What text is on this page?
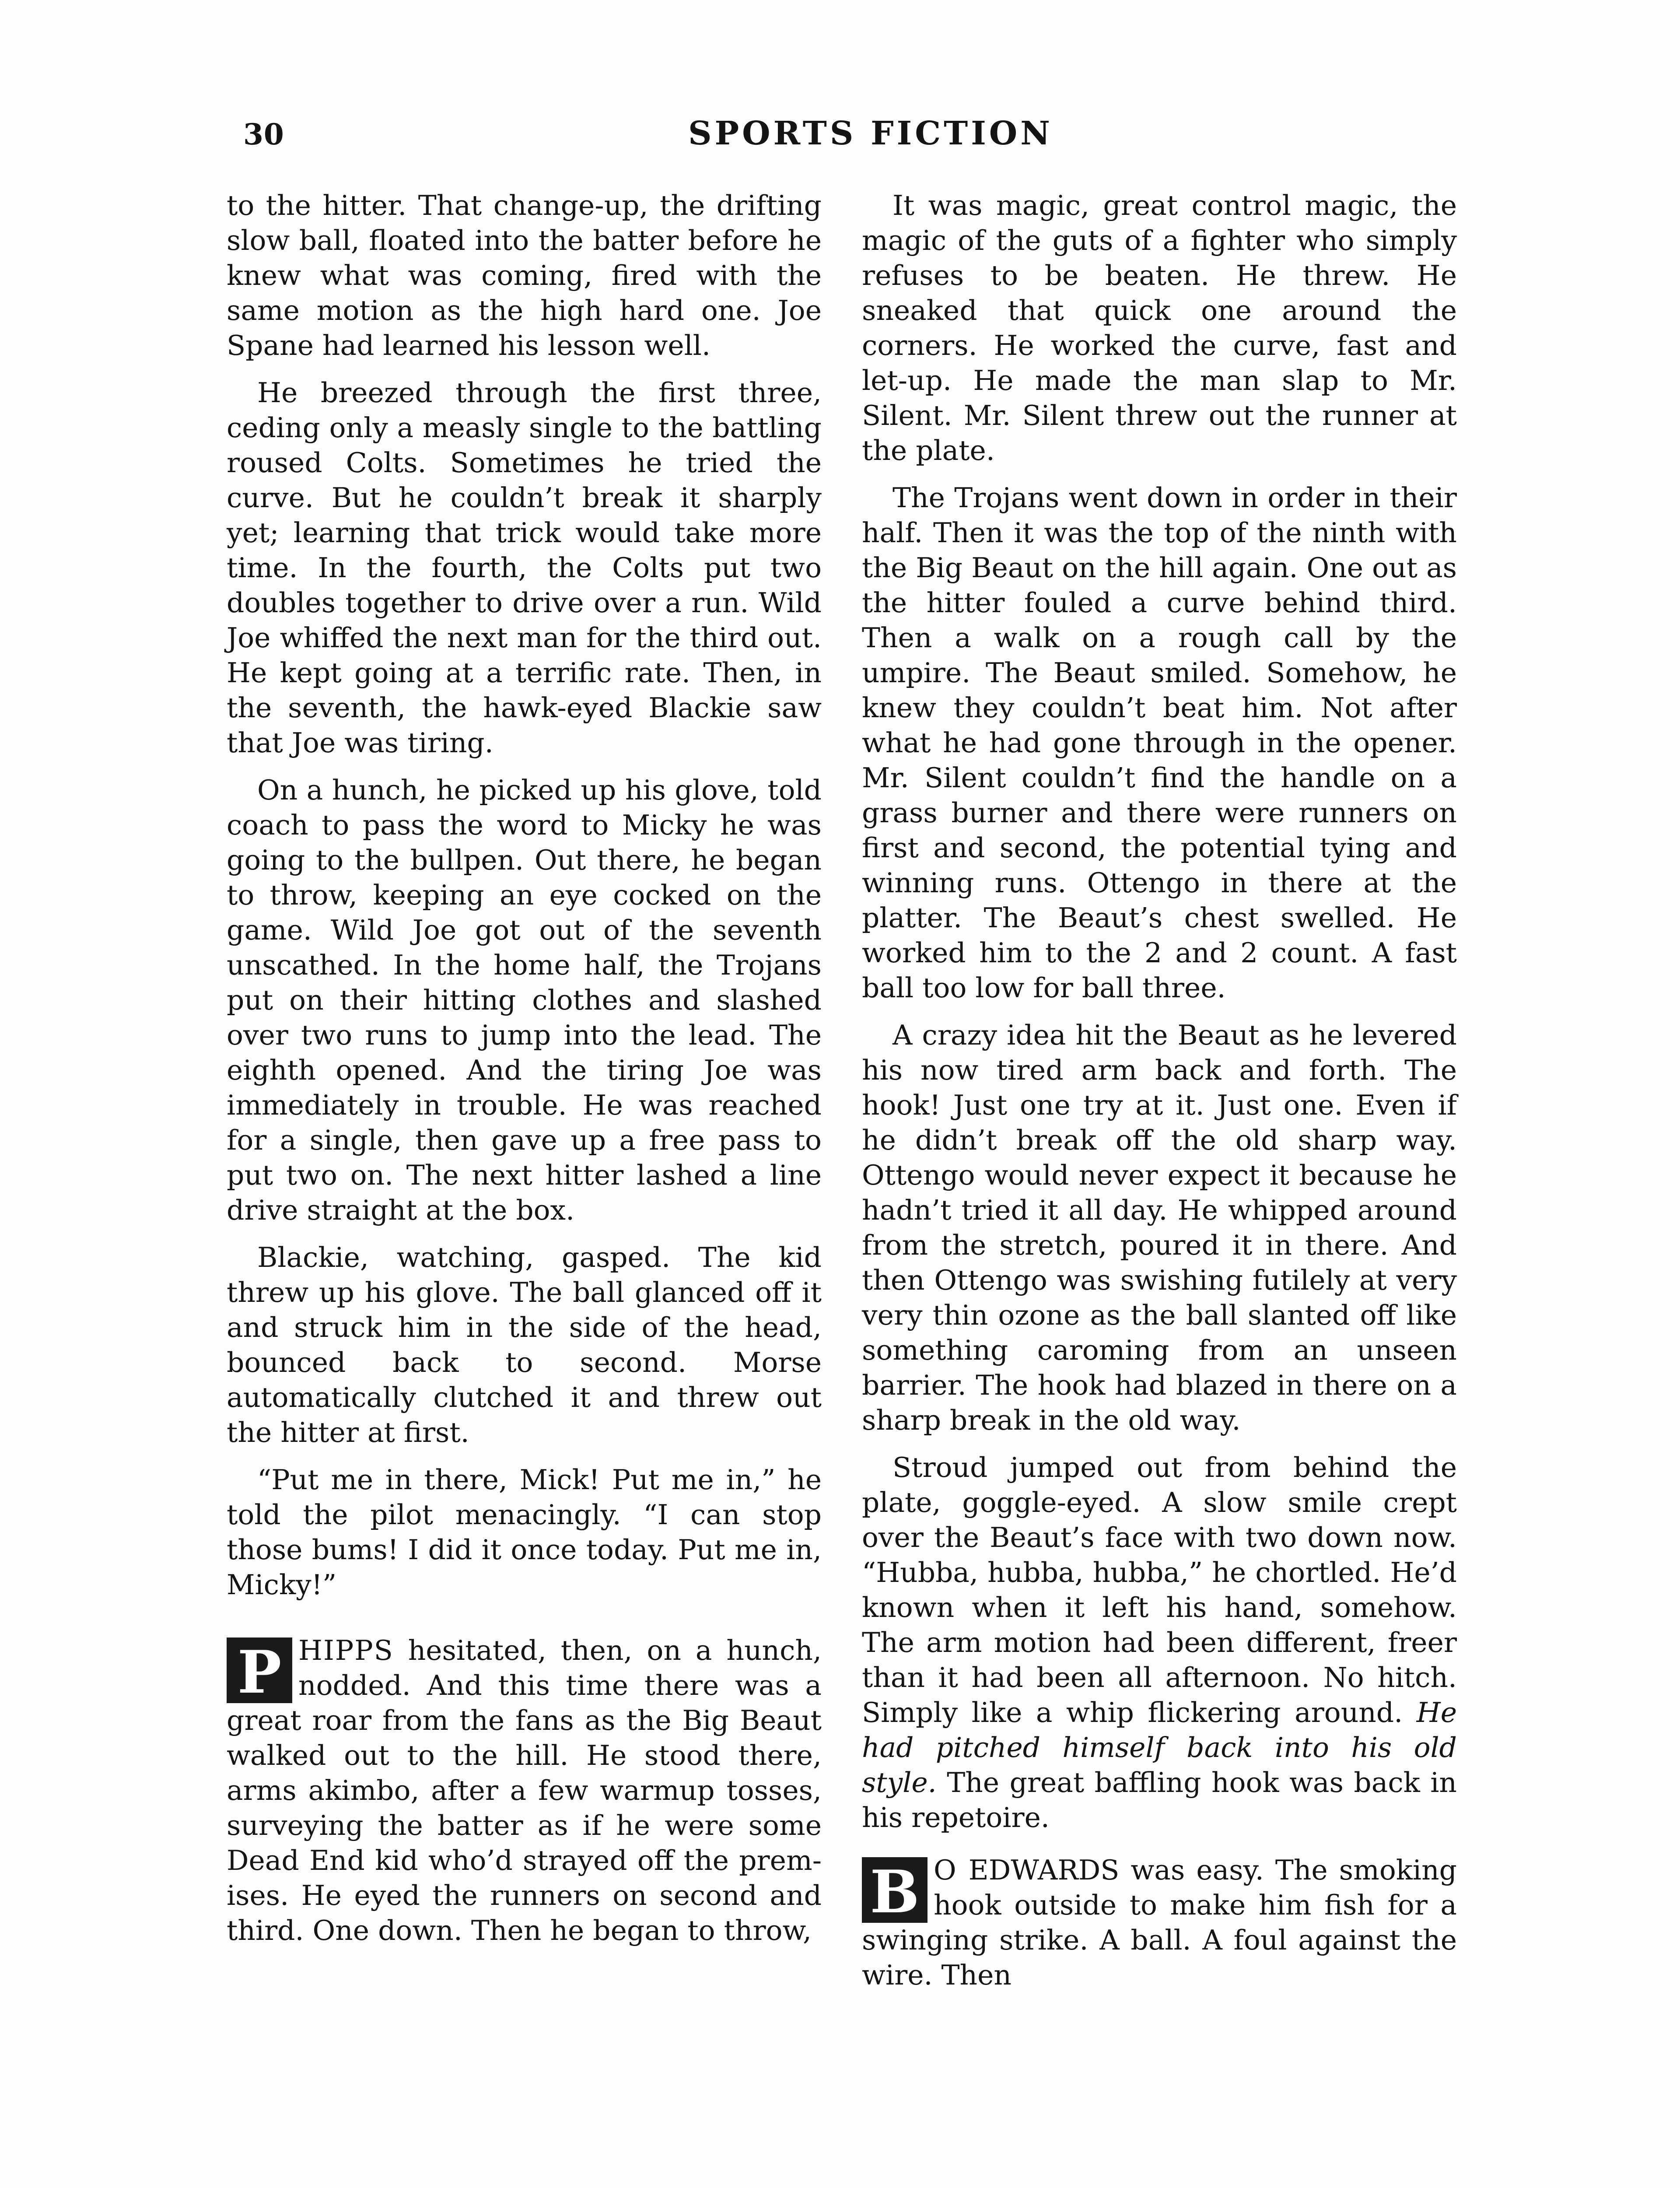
30	SPORTS FICTION

to the hitter. That change-up, the drifting slow ball, floated into the batter before he knew what was coming, fired with the same motion as the high hard one. Joe Spane had learned his lesson well.

He breezed through the first three, ceding only a measly single to the battling roused Colts. Sometimes he tried the curve. But he couldn’t break it sharply yet; learning that trick would take more time. In the fourth, the Colts put two doubles together to drive over a run. Wild Joe whiffed the next man for the third out. He kept going at a terrific rate. Then, in the seventh, the hawk-eyed Blackie saw that Joe was tiring.

On a hunch, he picked up his glove, told coach to pass the word to Micky he was going to the bullpen. Out there, he began to throw, keeping an eye cocked on the game. Wild Joe got out of the seventh unscathed. In the home half, the Trojans put on their hitting clothes and slashed over two runs to jump into the lead. The eighth opened. And the tiring Joe was immediately in trouble. He was reached for a single, then gave up a free pass to put two on. The next hitter lashed a line drive straight at the box.

Blackie, watching, gasped. The kid threw up his glove. The ball glanced off it and struck him in the side of the head, bounced back to second. Morse automatically clutched it and threw out the hitter at first.

“Put me in there, Mick! Put me in,” he told the pilot menacingly. “I can stop those bums! I did it once today. Put me in, Micky!”

P HIPPS hesitated, then, on a hunch, nodded. And this time there was a great roar from the fans as the Big Beaut walked out to the hill. He stood there, arms akimbo, after a few warmup tosses, surveying the batter as if he were some Dead End kid who’d strayed off the premises. He eyed the runners on second and third. One down. Then he began to throw,

It was magic, great control magic, the magic of the guts of a fighter who simply refuses to be beaten. He threw. He sneaked that quick one around the corners. He worked the curve, fast and let-up. He made the man slap to Mr. Silent. Mr. Silent threw out the runner at the plate.

The Trojans went down in order in their half. Then it was the top of the ninth with the Big Beaut on the hill again. One out as the hitter fouled a curve behind third. Then a walk on a rough call by the umpire. The Beaut smiled. Somehow, he knew they couldn’t beat him. Not after what he had gone through in the opener. Mr. Silent couldn’t find the handle on a grass burner and there were runners on first and second, the potential tying and winning runs. Ottengo in there at the platter. The Beaut’s chest swelled. He worked him to the 2 and 2 count. A fast ball too low for ball three.

A crazy idea hit the Beaut as he levered his now tired arm back and forth. The hook! Just one try at it. Just one. Even if he didn’t break off the old sharp way. Ottengo would never expect it because he hadn’t tried it all day. He whipped around from the stretch, poured it in there. And then Ottengo was swishing futilely at very very thin ozone as the ball slanted off like something caroming from an unseen barrier. The hook had blazed in there on a sharp break in the old way.

Stroud jumped out from behind the plate, goggle-eyed. A slow smile crept over the Beaut’s face with two down now. “Hubba, hubba, hubba,” he chortled. He’d known when it left his hand, somehow. The arm motion had been different, freer than it had been all afternoon. No hitch. Simply like a whip flickering around. He had pitched himself back into his old style. The great baffling hook was back in his repetoire.

B O EDWARDS was easy. The smoking hook outside to make him fish for a swinging strike. A ball. A foul against the wire. Then
